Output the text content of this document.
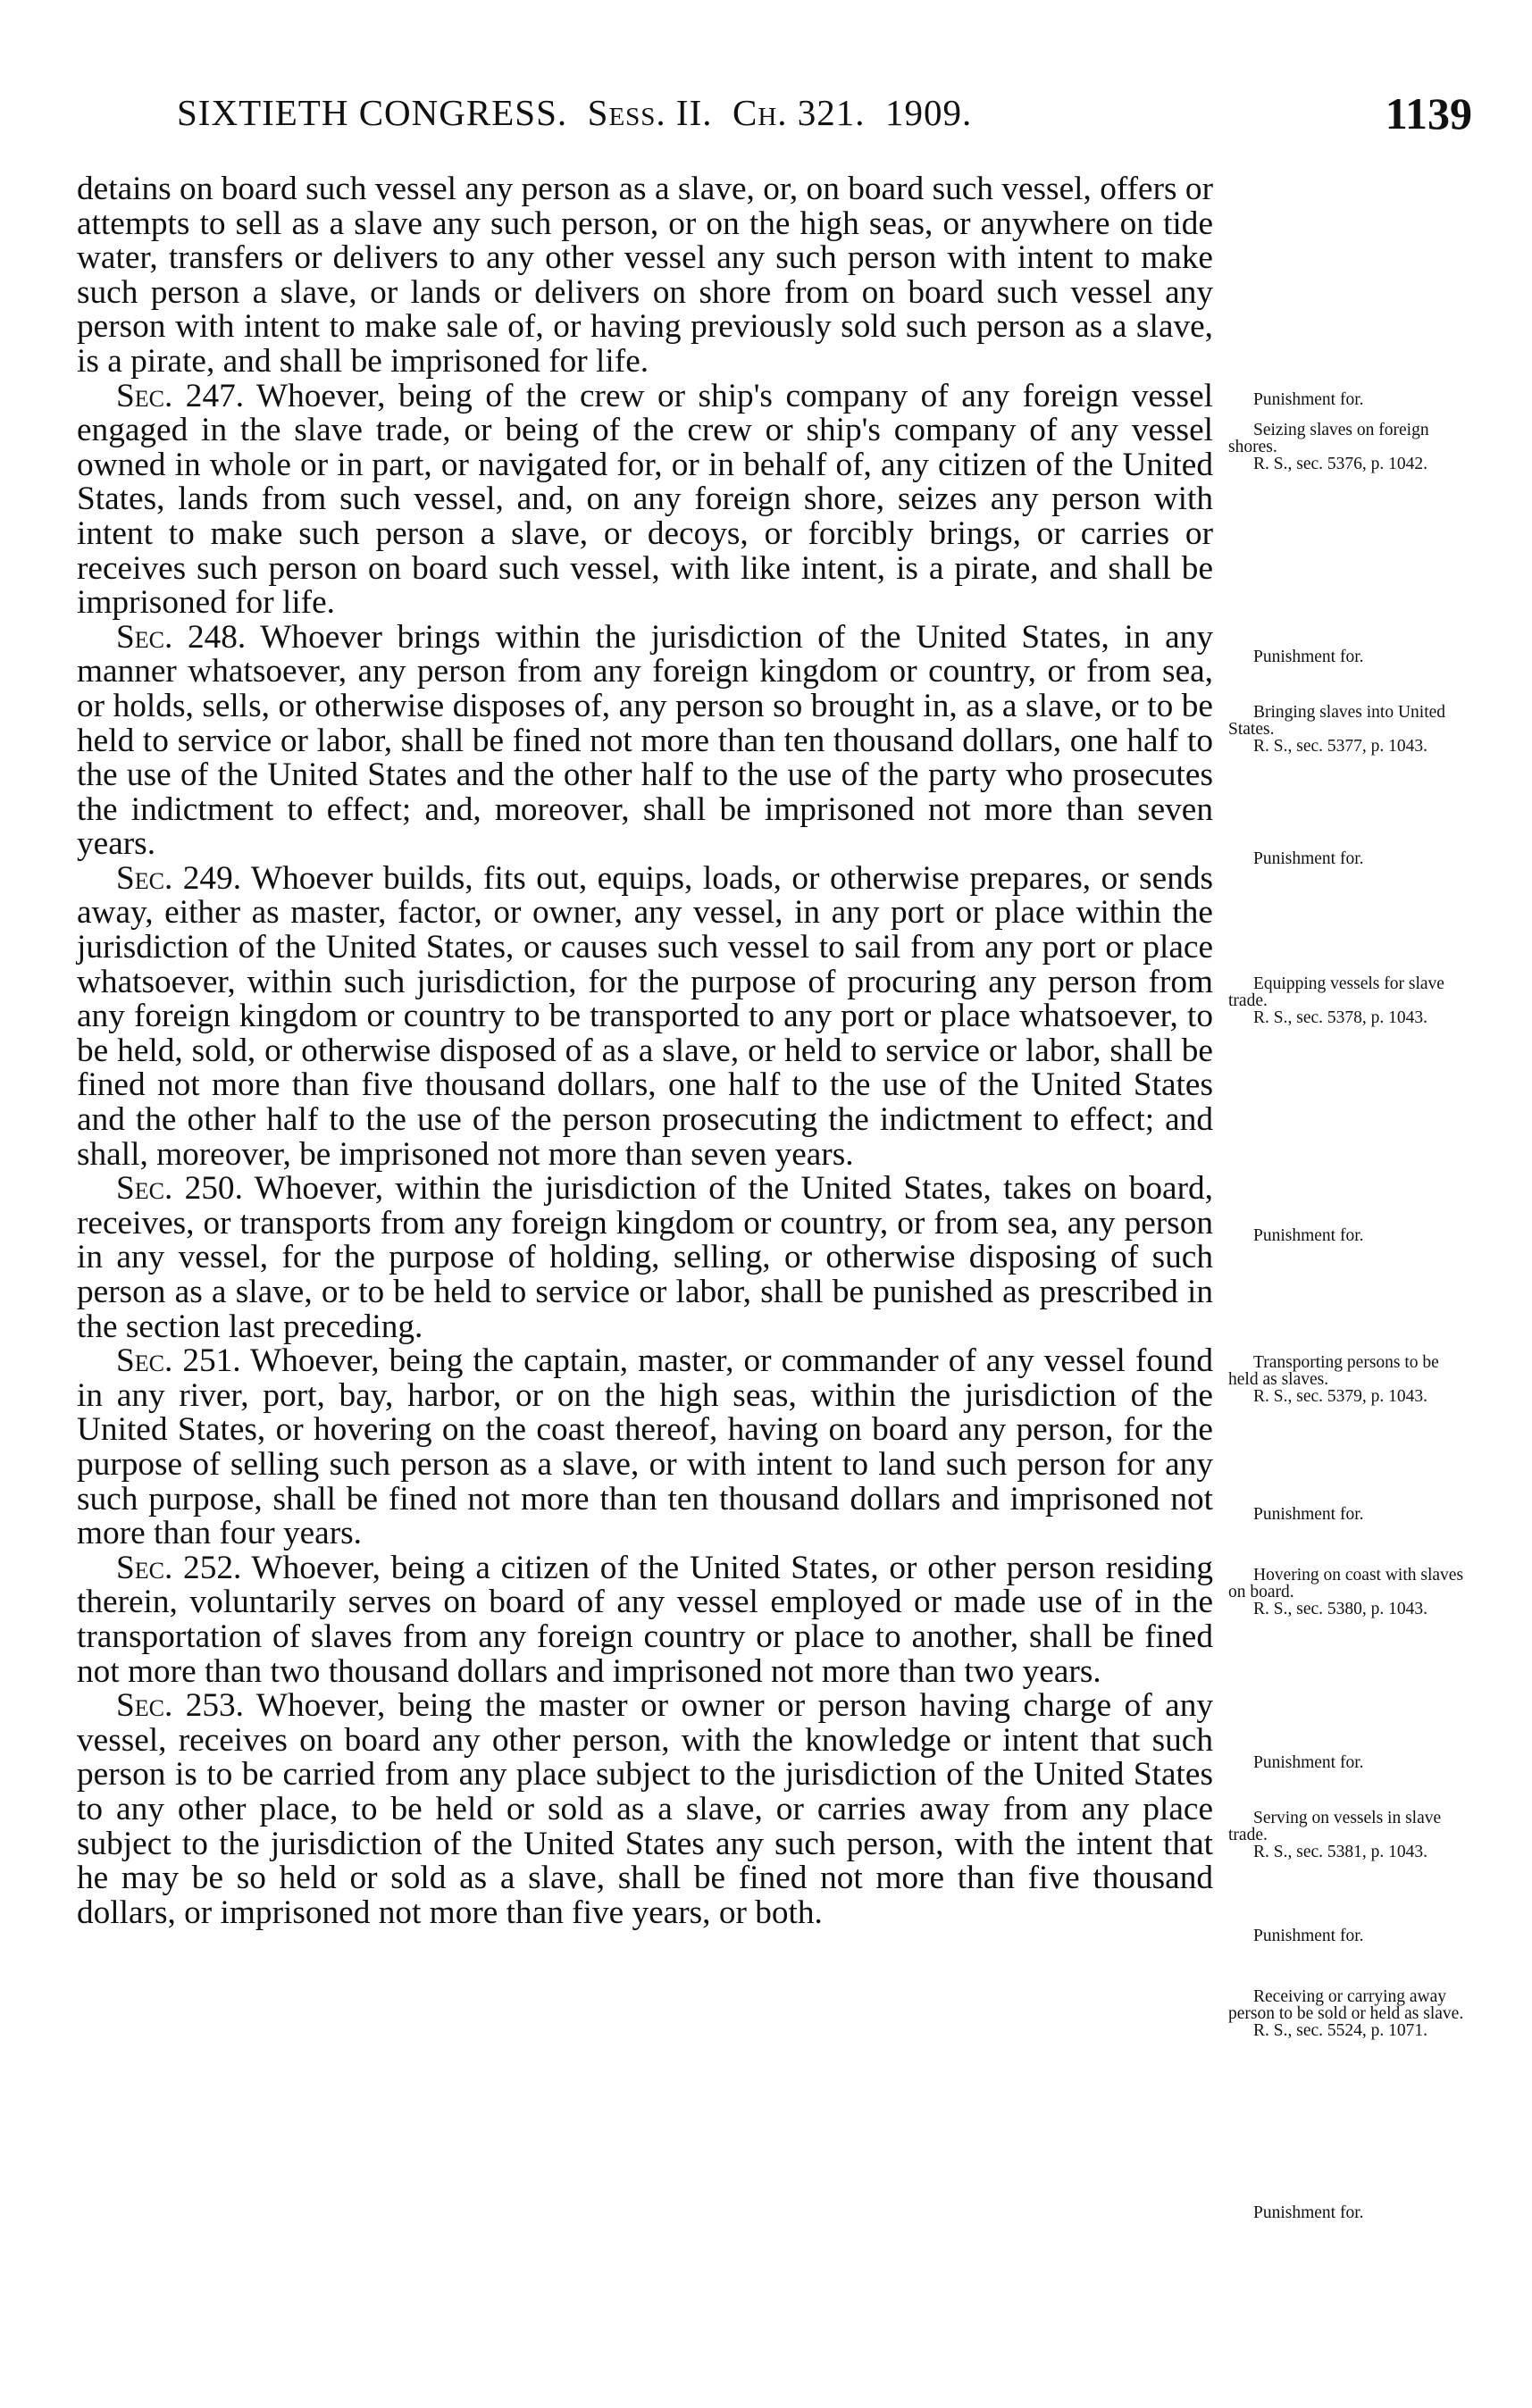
SIXTIETH CONGRESS. Sess. II. Ch. 321. 1909.	1139

detains on board such vessel any person as a slave, or, on board such vessel, offers or attempts to sell as a slave any such person, or on the high seas, or anywhere on tide water, transfers or delivers to any other vessel any such person with intent to make such person a slave, or lands or delivers on shore from on board such vessel any person with intent to make sale of, or having previously sold such person as a slave, is a pirate, and shall be imprisoned for life.

Sec. 247. Whoever, being of the crew or ship's company of any foreign vessel engaged in the slave trade, or being of the crew or ship's company of any vessel owned in whole or in part, or navigated for, or in behalf of, any citizen of the United States, lands from such vessel, and, on any foreign shore, seizes any person with intent to make such person a slave, or decoys, or forcibly brings, or carries or receives such person on board such vessel, with like intent, is a pirate, and shall be imprisoned for life.

Sec. 248. Whoever brings within the jurisdiction of the United States, in any manner whatsoever, any person from any foreign kingdom or country, or from sea, or holds, sells, or otherwise disposes of, any person so brought in, as a slave, or to be held to service or labor, shall be fined not more than ten thousand dollars, one half to the use of the United States and the other half to the use of the party who prosecutes the indictment to effect; and, moreover, shall be imprisoned not more than seven years.

Sec. 249. Whoever builds, fits out, equips, loads, or otherwise prepares, or sends away, either as master, factor, or owner, any vessel, in any port or place within the jurisdiction of the United States, or causes such vessel to sail from any port or place whatsoever, within such jurisdiction, for the purpose of procuring any person from any foreign kingdom or country to be transported to any port or place whatsoever, to be held, sold, or otherwise disposed of as a slave, or held to service or labor, shall be fined not more than five thousand dollars, one half to the use of the United States and the other half to the use of the person prosecuting the indictment to effect; and shall, moreover, be imprisoned not more than seven years.

Sec. 250. Whoever, within the jurisdiction of the United States, takes on board, receives, or transports from any foreign kingdom or country, or from sea, any person in any vessel, for the purpose of holding, selling, or otherwise disposing of such person as a slave, or to be held to service or labor, shall be punished as prescribed in the section last preceding.

Sec. 251. Whoever, being the captain, master, or commander of any vessel found in any river, port, bay, harbor, or on the high seas, within the jurisdiction of the United States, or hovering on the coast thereof, having on board any person, for the purpose of selling such person as a slave, or with intent to land such person for any such purpose, shall be fined not more than ten thousand dollars and imprisoned not more than four years.

Sec. 252. Whoever, being a citizen of the United States, or other person residing therein, voluntarily serves on board of any vessel employed or made use of in the transportation of slaves from any foreign country or place to another, shall be fined not more than two thousand dollars and imprisoned not more than two years.

Sec. 253. Whoever, being the master or owner or person having charge of any vessel, receives on board any other person, with the knowledge or intent that such person is to be carried from any place subject to the jurisdiction of the United States to any other place, to be held or sold as a slave, or carries away from any place subject to the jurisdiction of the United States any such person, with the intent that he may be so held or sold as a slave, shall be fined not more than five thousand dollars, or imprisoned not more than five years, or both.

Punishment for.
Seizing slaves on foreign shores.
R. S., sec. 5376, p. 1042.
Punishment for.
Bringing slaves into United States.
R. S., sec. 5377, p. 1043.
Punishment for.
Equipping vessels for slave trade.
R. S., sec. 5378, p. 1043.
Punishment for.
Transporting persons to be held as slaves.
R. S., sec. 5379, p. 1043.
Punishment for.
Hovering on coast with slaves on board.
R. S., sec. 5380, p. 1043.
Punishment for.
Serving on vessels in slave trade.
R. S., sec. 5381, p. 1043.
Punishment for.
Receiving or carrying away person to be sold or held as slave.
R. S., sec. 5524, p. 1071.
Punishment for.
